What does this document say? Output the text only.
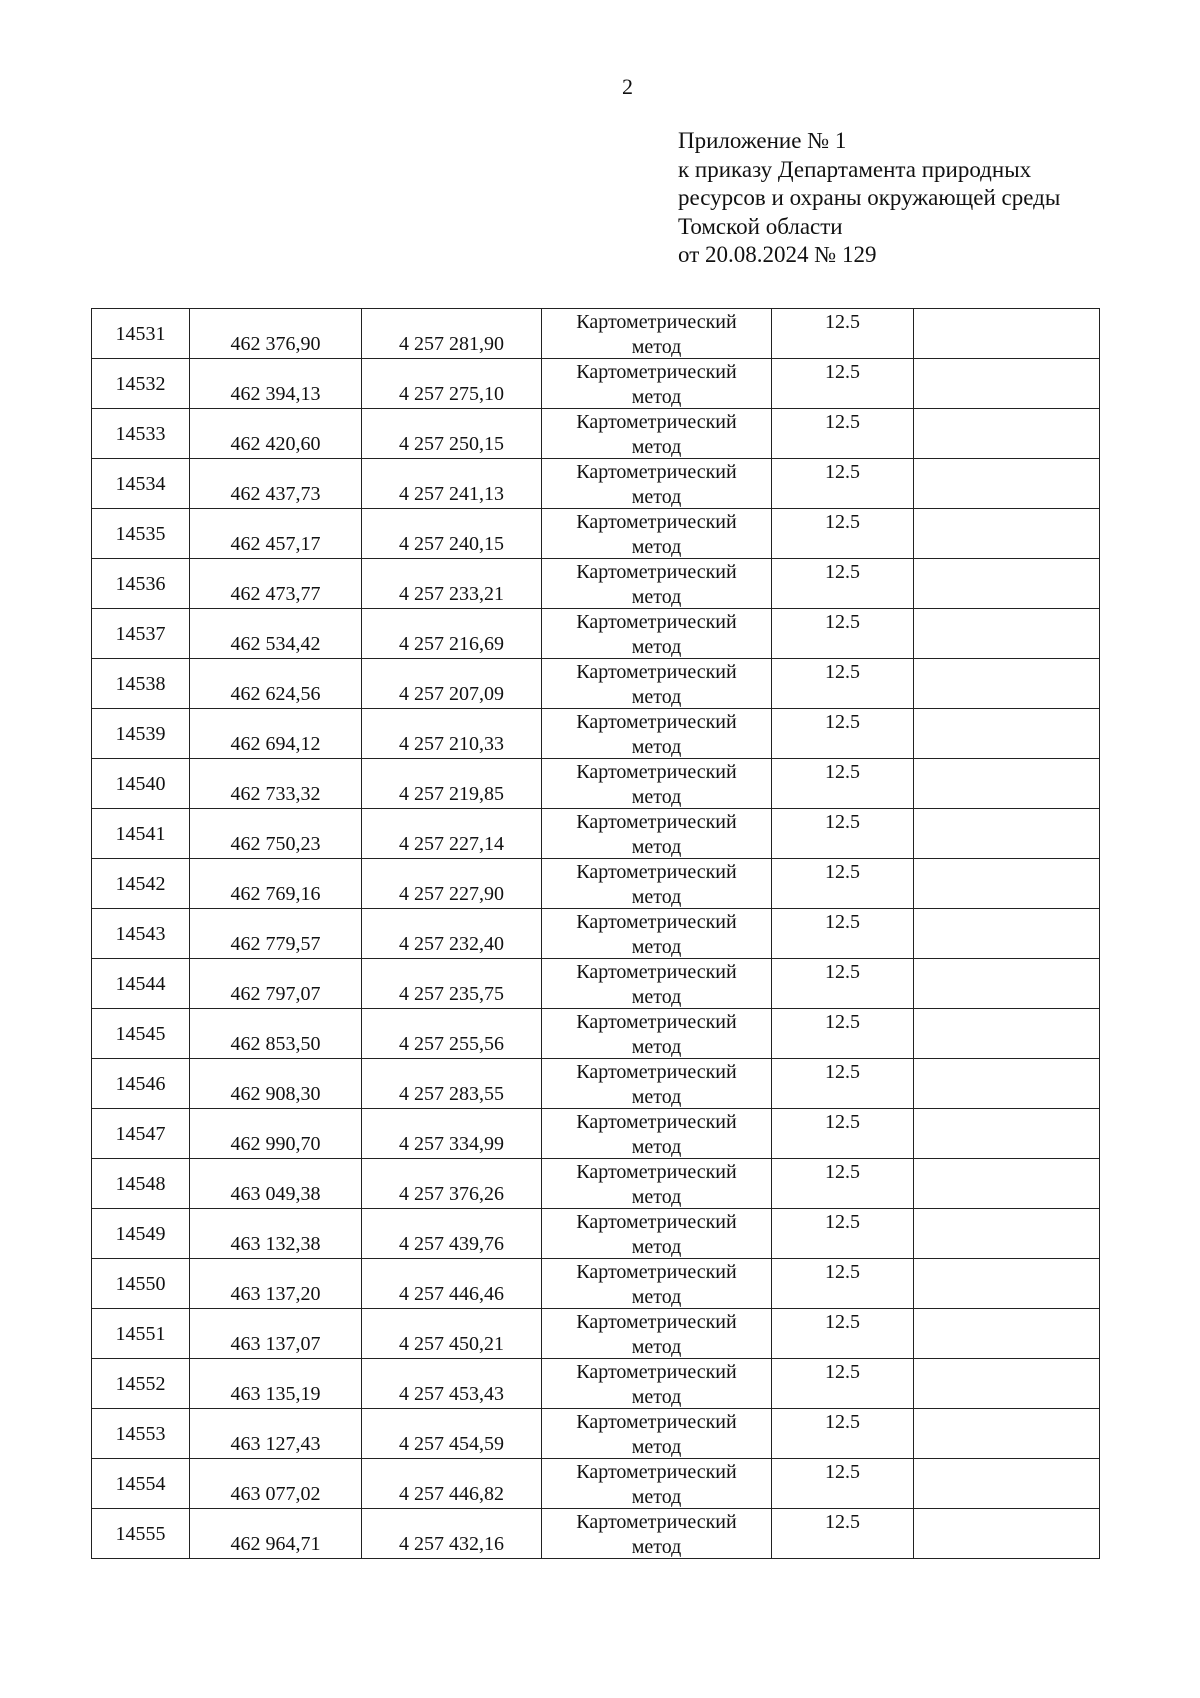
2
Приложение № 1
к приказу Департамента природных
ресурсов и охраны окружающей среды
Томской области
от 20.08.2024 № 129
14531	462 376,90	4 257 281,90	Картометрический
метод	12.5	

14532	462 394,13	4 257 275,10	Картометрический
метод	12.5	

14533	462 420,60	4 257 250,15	Картометрический
метод	12.5	

14534	462 437,73	4 257 241,13	Картометрический
метод	12.5	

14535	462 457,17	4 257 240,15	Картометрический
метод	12.5	

14536	462 473,77	4 257 233,21	Картометрический
метод	12.5	

14537	462 534,42	4 257 216,69	Картометрический
метод	12.5	

14538	462 624,56	4 257 207,09	Картометрический
метод	12.5	

14539	462 694,12	4 257 210,33	Картометрический
метод	12.5	

14540	462 733,32	4 257 219,85	Картометрический
метод	12.5	

14541	462 750,23	4 257 227,14	Картометрический
метод	12.5	

14542	462 769,16	4 257 227,90	Картометрический
метод	12.5	

14543	462 779,57	4 257 232,40	Картометрический
метод	12.5	

14544	462 797,07	4 257 235,75	Картометрический
метод	12.5	

14545	462 853,50	4 257 255,56	Картометрический
метод	12.5	

14546	462 908,30	4 257 283,55	Картометрический
метод	12.5	

14547	462 990,70	4 257 334,99	Картометрический
метод	12.5	

14548	463 049,38	4 257 376,26	Картометрический
метод	12.5	

14549	463 132,38	4 257 439,76	Картометрический
метод	12.5	

14550	463 137,20	4 257 446,46	Картометрический
метод	12.5	

14551	463 137,07	4 257 450,21	Картометрический
метод	12.5	

14552	463 135,19	4 257 453,43	Картометрический
метод	12.5	

14553	463 127,43	4 257 454,59	Картометрический
метод	12.5	

14554	463 077,02	4 257 446,82	Картометрический
метод	12.5	

14555	462 964,71	4 257 432,16	Картометрический
метод	12.5	
